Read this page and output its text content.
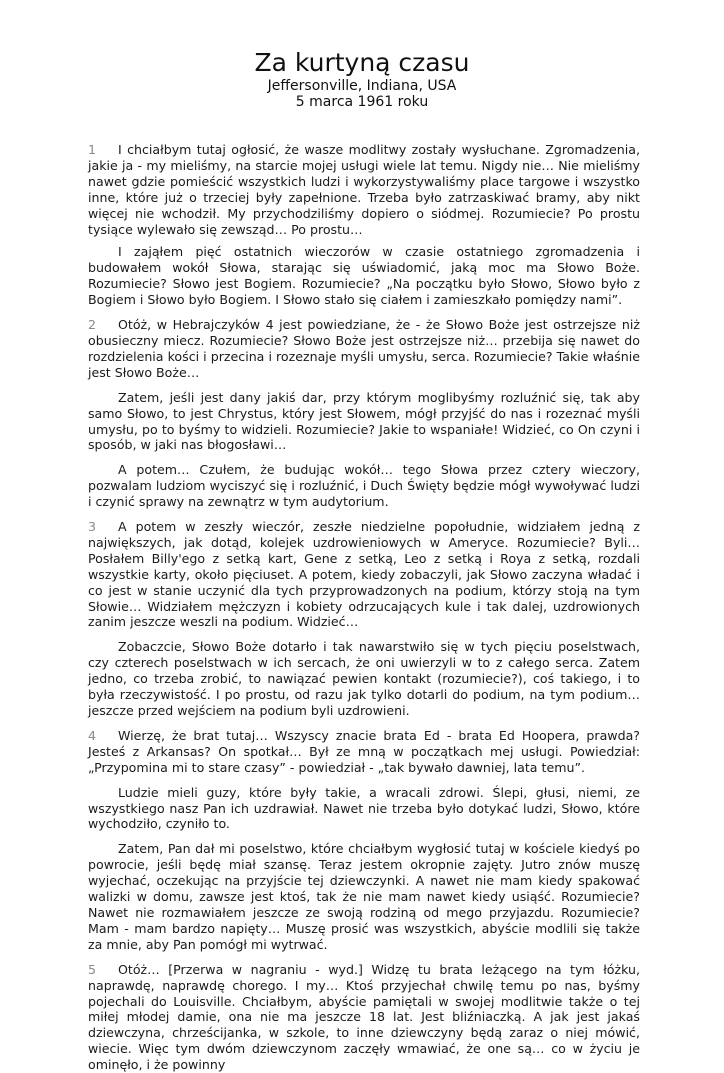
Za kurtyną czasu

Jeffersonville, Indiana, USA

5 marca 1961 roku

1 I chciałbym tutaj ogłosić, że wasze modlitwy zostały wysłuchane. Zgromadzenia, jakie ja - my mieliśmy, na starcie mojej usługi wiele lat temu. Nigdy nie… Nie mieliśmy nawet gdzie pomieścić wszystkich ludzi i wykorzystywaliśmy place targowe i wszystko inne, które już o trzeciej były zapełnione. Trzeba było zatrzaskiwać bramy, aby nikt więcej nie wchodził. My przychodziliśmy dopiero o siódmej. Rozumiecie? Po prostu tysiące wylewało się zewsząd… Po prostu…

I zająłem pięć ostatnich wieczorów w czasie ostatniego zgromadzenia i budowałem wokół Słowa, starając się uświadomić, jaką moc ma Słowo Boże. Rozumiecie? Słowo jest Bogiem. Rozumiecie? „Na początku było Słowo, Słowo było z Bogiem i Słowo było Bogiem. I Słowo stało się ciałem i zamieszkało pomiędzy nami”.

2 Otóż, w Hebrajczyków 4 jest powiedziane, że - że Słowo Boże jest ostrzejsze niż obusieczny miecz. Rozumiecie? Słowo Boże jest ostrzejsze niż… przebija się nawet do rozdzielenia kości i przecina i rozeznaje myśli umysłu, serca. Rozumiecie? Takie właśnie jest Słowo Boże…

Zatem, jeśli jest dany jakiś dar, przy którym moglibyśmy rozluźnić się, tak aby samo Słowo, to jest Chrystus, który jest Słowem, mógł przyjść do nas i rozeznać myśli umysłu, po to byśmy to widzieli. Rozumiecie? Jakie to wspaniałe! Widzieć, co On czyni i sposób, w jaki nas błogosławi…

A potem… Czułem, że budując wokół… tego Słowa przez cztery wieczory, pozwalam ludziom wyciszyć się i rozluźnić, i Duch Święty będzie mógł wywoływać ludzi i czynić sprawy na zewnątrz w tym audytorium.

3 A potem w zeszły wieczór, zeszłe niedzielne popołudnie, widziałem jedną z największych, jak dotąd, kolejek uzdrowieniowych w Ameryce. Rozumiecie? Byli… Posłałem Billy'ego z setką kart, Gene z setką, Leo z setką i Roya z setką, rozdali wszystkie karty, około pięciuset. A potem, kiedy zobaczyli, jak Słowo zaczyna władać i co jest w stanie uczynić dla tych przyprowadzonych na podium, którzy stoją na tym Słowie… Widziałem mężczyzn i kobiety odrzucających kule i tak dalej, uzdrowionych zanim jeszcze weszli na podium. Widzieć…

Zobaczcie, Słowo Boże dotarło i tak nawarstwiło się w tych pięciu poselstwach, czy czterech poselstwach w ich sercach, że oni uwierzyli w to z całego serca. Zatem jedno, co trzeba zrobić, to nawiązać pewien kontakt (rozumiecie?), coś takiego, i to była rzeczywistość. I po prostu, od razu jak tylko dotarli do podium, na tym podium… jeszcze przed wejściem na podium byli uzdrowieni.

4 Wierzę, że brat tutaj… Wszyscy znacie brata Ed - brata Ed Hoopera, prawda? Jesteś z Arkansas? On spotkał… Był ze mną w początkach mej usługi. Powiedział: „Przypomina mi to stare czasy” - powiedział - „tak bywało dawniej, lata temu”.

Ludzie mieli guzy, które były takie, a wracali zdrowi. Ślepi, głusi, niemi, ze wszystkiego nasz Pan ich uzdrawiał. Nawet nie trzeba było dotykać ludzi, Słowo, które wychodziło, czyniło to.

Zatem, Pan dał mi poselstwo, które chciałbym wygłosić tutaj w kościele kiedyś po powrocie, jeśli będę miał szansę. Teraz jestem okropnie zajęty. Jutro znów muszę wyjechać, oczekując na przyjście tej dziewczynki. A nawet nie mam kiedy spakować walizki w domu, zawsze jest ktoś, tak że nie mam nawet kiedy usiąść. Rozumiecie? Nawet nie rozmawiałem jeszcze ze swoją rodziną od mego przyjazdu. Rozumiecie? Mam - mam bardzo napięty… Muszę prosić was wszystkich, abyście modlili się także za mnie, aby Pan pomógł mi wytrwać.

5 Otóż… [Przerwa w nagraniu - wyd.] Widzę tu brata leżącego na tym łóżku, naprawdę, naprawdę chorego. I my… Ktoś przyjechał chwilę temu po nas, byśmy pojechali do Louisville. Chciałbym, abyście pamiętali w swojej modlitwie także o tej miłej młodej damie, ona nie ma jeszcze 18 lat. Jest bliźniaczką. A jak jest jakaś dziewczyna, chrześcijanka, w szkole, to inne dziewczyny będą zaraz o niej mówić, wiecie. Więc tym dwóm dziewczynom zaczęły wmawiać, że one są… co w życiu je ominęło, i że powinny
